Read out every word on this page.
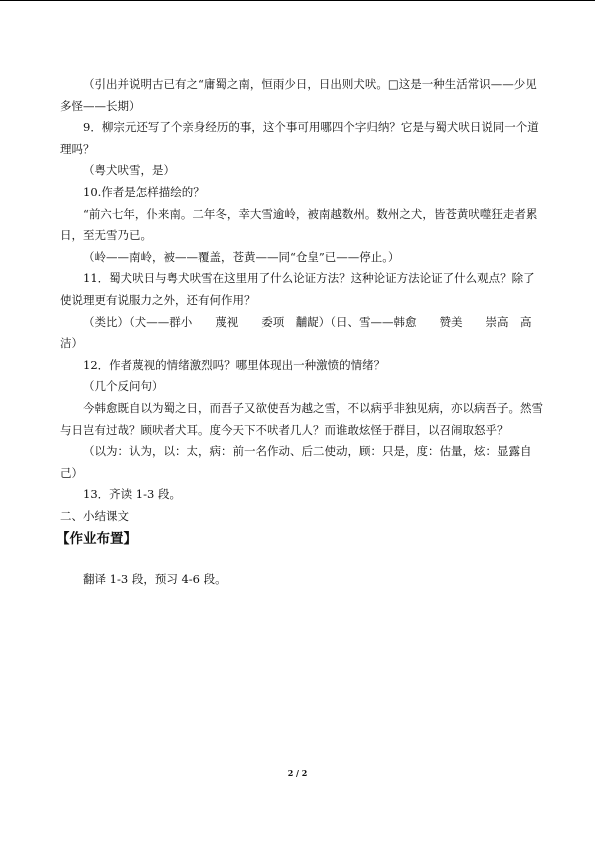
（引出并说明古已有之“庸蜀之南，恒雨少日，日出则犬吠。□这是一种生活常识——少见多怪——长期）

9．柳宗元还写了个亲身经历的事，这个事可用哪四个字归纳？它是与蜀犬吠日说同一个道理吗？

（粤犬吠雪，是）

10.作者是怎样描绘的？

“前六七年，仆来南。二年冬，幸大雪逾岭，被南越数州。数州之犬，皆苍黄吠噬狂走者累日，至无雪乃已。

（岭——南岭，被——覆盖，苍黄——同“仓皇”已——停止。）

11．蜀犬吠日与粤犬吠雪在这里用了什么论证方法？这种论证方法论证了什么观点？除了使说理更有说服力之外，还有何作用？

（类比）（犬——群小　　蔑视　　委项　黼龊）（日、雪——韩愈　　赞美　　崇高　高洁）

12．作者蔑视的情绪激烈吗？哪里体现出一种激愤的情绪？

（几个反问句）

今韩愈既自以为蜀之日，而吾子又欲使吾为越之雪，不以病乎非独见病，亦以病吾子。然雪与日岂有过哉？顾吠者犬耳。度今天下不吠者几人？而谁敢炫怪于群目，以召闹取怒乎？

（以为：认为，以：太，病：前一名作动、后二使动，顾：只是，度：估量，炫：显露自己）

13．齐读 1-3 段。

二、小结课文

【作业布置】

翻译 1-3 段，预习 4-6 段。

2 / 2
